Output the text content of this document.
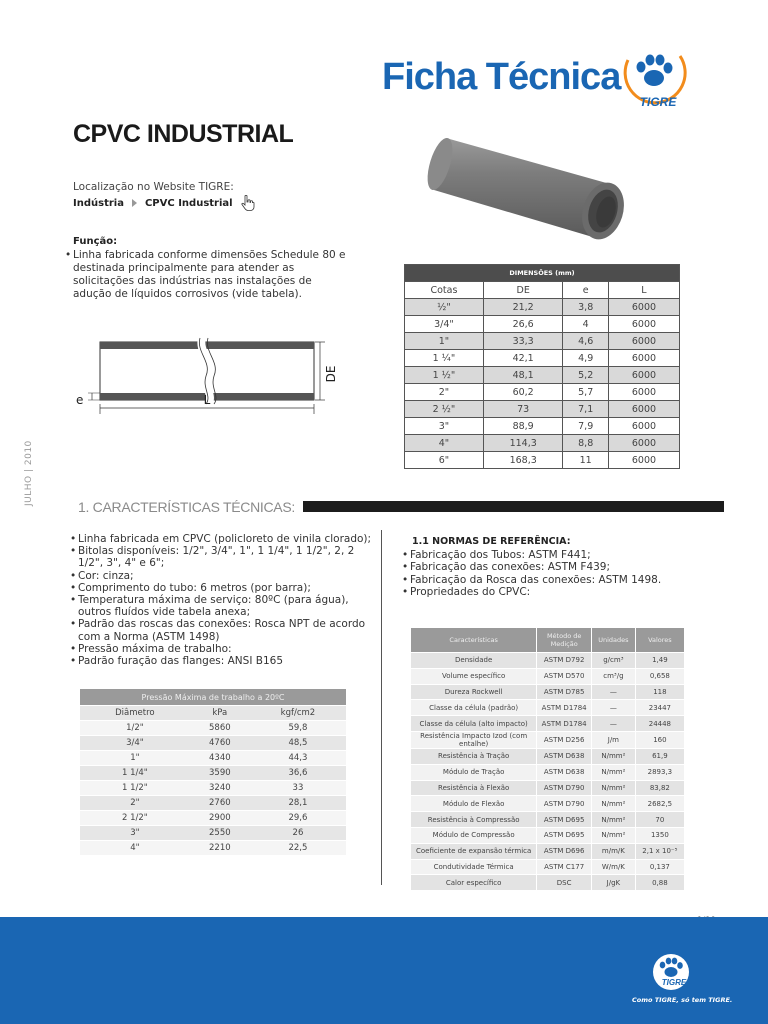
Ficha Técnica
TIGRE
CPVC INDUSTRIAL
Localização no Website TIGRE:
Indústria CPVC Industrial
Função:
• Linha fabricada conforme dimensões Schedule 80 e destinada principalmente para atender as solicitações das indústrias nas instalações de adução de líquidos corrosivos (vide tabela).
DE
e	L
JULHO | 2010
DIMENSÕES (mm)			
Cotas	DE	e	L
½"	21,2	3,8	6000
3/4"	26,6	4	6000
1"	33,3	4,6	6000
1 ¼"	42,1	4,9	6000
1 ½"	48,1	5,2	6000
2"	60,2	5,7	6000
2 ½"	73	7,1	6000
3"	88,9	7,9	6000
4"	114,3	8,8	6000
6"	168,3	11	6000
1. CARACTERÍSTICAS TÉCNICAS:
• Linha fabricada em CPVC (policloreto de vinila clorado);
• Bitolas disponíveis: 1/2", 3/4", 1", 1 1/4", 1 1/2", 2, 2 1/2", 3", 4" e 6";
• Cor: cinza;
• Comprimento do tubo: 6 metros (por barra);
• Temperatura máxima de serviço: 80ºC (para água), outros fluídos vide tabela anexa;
• Padrão das roscas das conexões: Rosca NPT de acordo com a Norma (ASTM 1498)
• Pressão máxima de trabalho:
• Padrão furação das flanges: ANSI B165
Pressão Máxima de trabalho a 20ºC		
Diâmetro	kPa	kgf/cm2
1/2"	5860	59,8
3/4"	4760	48,5
1"	4340	44,3
1 1/4"	3590	36,6
1 1/2"	3240	33
2"	2760	28,1
2 1/2"	2900	29,6
3"	2550	26
4"	2210	22,5
1.1 NORMAS DE REFERÊNCIA:
• Fabricação dos Tubos: ASTM F441;
• Fabricação das conexões: ASTM F439;
• Fabricação da Rosca das conexões: ASTM 1498.
• Propriedades do CPVC:
Características	Método de Medição	Unidades	Valores
Densidade	ASTM D792	g/cm³	1,49
Volume específico	ASTM D570	cm³/g	0,658
Dureza Rockwell	ASTM D785	—	118
Classe da célula (padrão)	ASTM D1784	—	23447
Classe da célula (alto impacto)	ASTM D1784	—	24448
Resistência Impacto Izod (com entalhe)	ASTM D256	J/m	160
Resistência à Tração	ASTM D638	N/mm²	61,9
Módulo de Tração	ASTM D638	N/mm²	2893,3
Resistência à Flexão	ASTM D790	N/mm²	83,82
Módulo de Flexão	ASTM D790	N/mm²	2682,5
Resistência à Compressão	ASTM D695	N/mm²	70
Módulo de Compressão	ASTM D695	N/mm²	1350
Coeficiente de expansão térmica	ASTM D696	m/m/K	2,1 x 10⁻⁵
Condutividade Térmica	ASTM C177	W/m/K	0,137
Calor específico	DSC	J/gK	0,88
TIGRE
Como TIGRE, só tem TIGRE.
